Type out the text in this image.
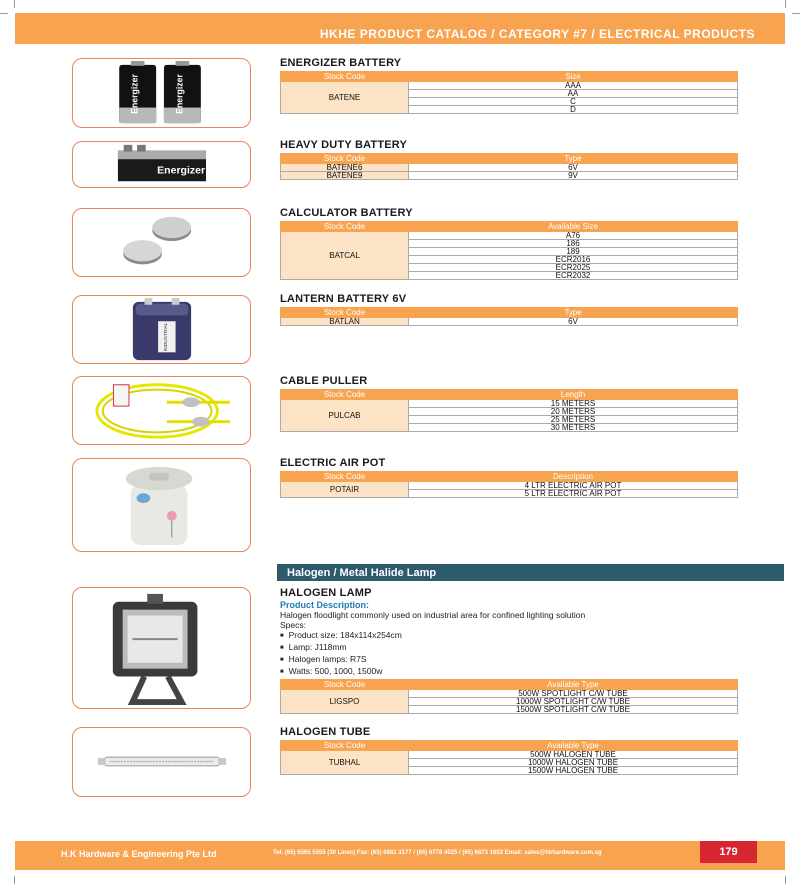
HKHE PRODUCT CATALOG / CATEGORY #7 / ELECTRICAL PRODUCTS
Energizer	Energizer
Energizer
INDUSTRIAL
ENERGIZER BATTERY
Stock Code	Size
BATENE	AAA
	AA
	C
	D
HEAVY DUTY BATTERY
Stock Code	Type
BATENE6	6V
BATENE9	9V
CALCULATOR BATTERY
Stock Code	Available Size
BATCAL	A76
	186
	189
	ECR2016
	ECR2025
	ECR2032
LANTERN BATTERY 6V
Stock Code	Type
BATLAN	6V
CABLE PULLER
Stock Code	Length
PULCAB	15 METERS
	20 METERS
	25 METERS
	30 METERS
ELECTRIC AIR POT
Stock Code	Description
POTAIR	4 LTR ELECTRIC AIR POT
	5 LTR ELECTRIC AIR POT
Halogen / Metal Halide Lamp
HALOGEN LAMP
Product Description:
Halogen floodlight commonly used on industrial area for confined lighting solution
Specs:
■ Product size: 184x114x254cm
■ Lamp: J118mm
■ Halogen lamps: R7S
■ Watts: 500, 1000, 1500w
Stock Code	Available Type
LIGSPO	500W SPOTLIGHT C/W TUBE
	1000W SPOTLIGHT C/W TUBE
	1500W SPOTLIGHT C/W TUBE
HALOGEN TUBE
Stock Code	Available Type
TUBHAL	500W HALOGEN TUBE
	1000W HALOGEN TUBE
	1500W HALOGEN TUBE
H.K Hardware & Engineering Pte Ltd	Tel: (65) 6565 5555 (30 Lines) Fax: (65) 6861 3177 / (65) 6778 4025 / (65) 6873 1602 Email: sales@hkhardware.com.sg	179
